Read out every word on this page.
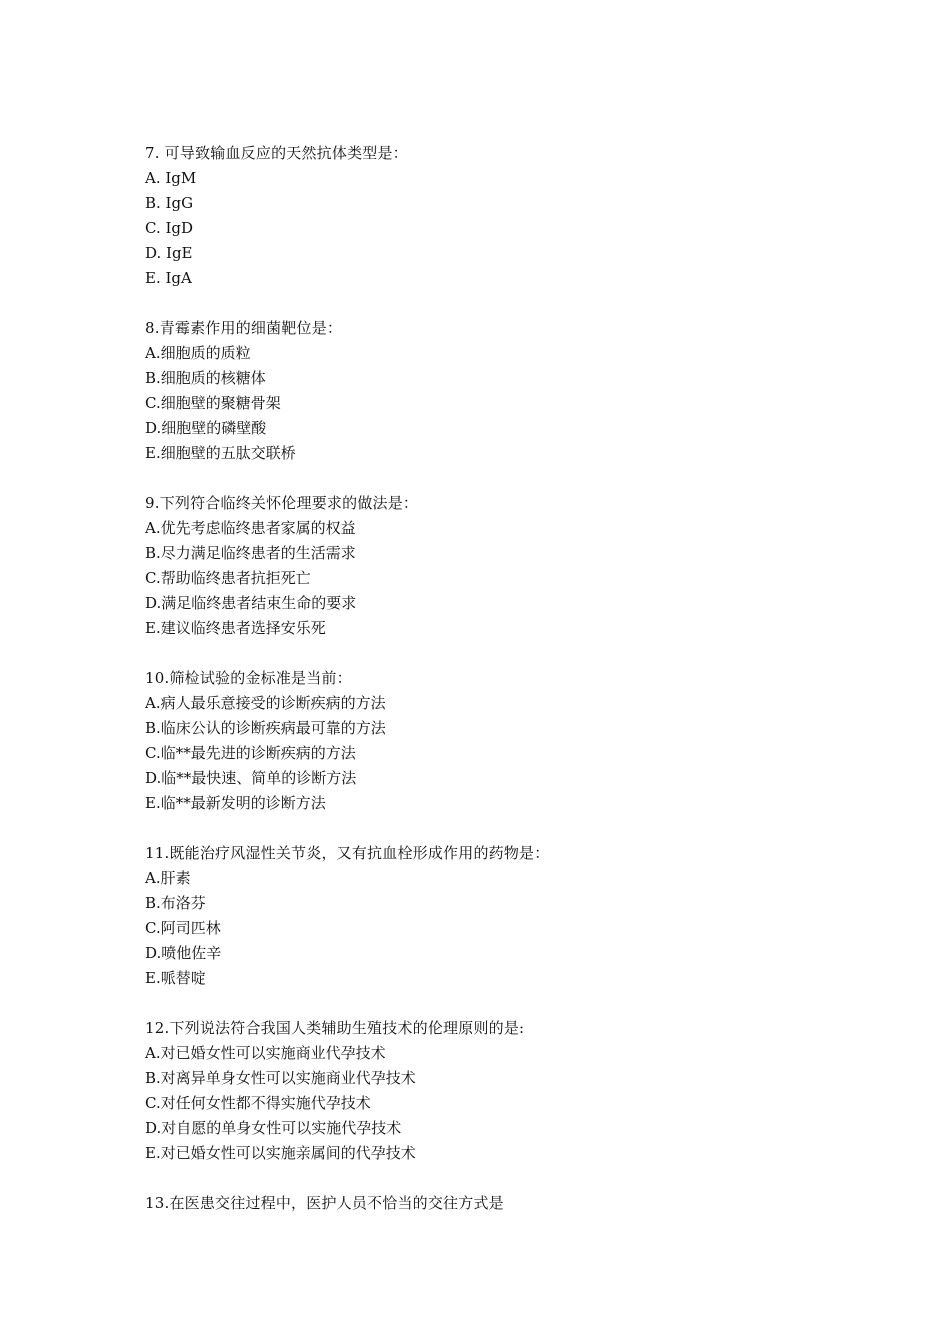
7. 可导致输血反应的天然抗体类型是：
A. IgM
B. IgG
C. IgD
D. IgE
E. IgA
8.青霉素作用的细菌靶位是：
A.细胞质的质粒
B.细胞质的核糖体
C.细胞壁的聚糖骨架
D.细胞壁的磷壁酸
E.细胞壁的五肽交联桥
9.下列符合临终关怀伦理要求的做法是：
A.优先考虑临终患者家属的权益
B.尽力满足临终患者的生活需求
C.帮助临终患者抗拒死亡
D.满足临终患者结束生命的要求
E.建议临终患者选择安乐死
10.筛检试验的金标准是当前：
A.病人最乐意接受的诊断疾病的方法
B.临床公认的诊断疾病最可靠的方法
C.临**最先进的诊断疾病的方法
D.临**最快速、简单的诊断方法
E.临**最新发明的诊断方法
11.既能治疗风湿性关节炎，又有抗血栓形成作用的药物是：
A.肝素
B.布洛芬
C.阿司匹林
D.喷他佐辛
E.哌替啶
12.下列说法符合我国人类辅助生殖技术的伦理原则的是:
A.对已婚女性可以实施商业代孕技术
B.对离异单身女性可以实施商业代孕技术
C.对任何女性都不得实施代孕技术
D.对自愿的单身女性可以实施代孕技术
E.对已婚女性可以实施亲属间的代孕技术
13.在医患交往过程中，医护人员不恰当的交往方式是
